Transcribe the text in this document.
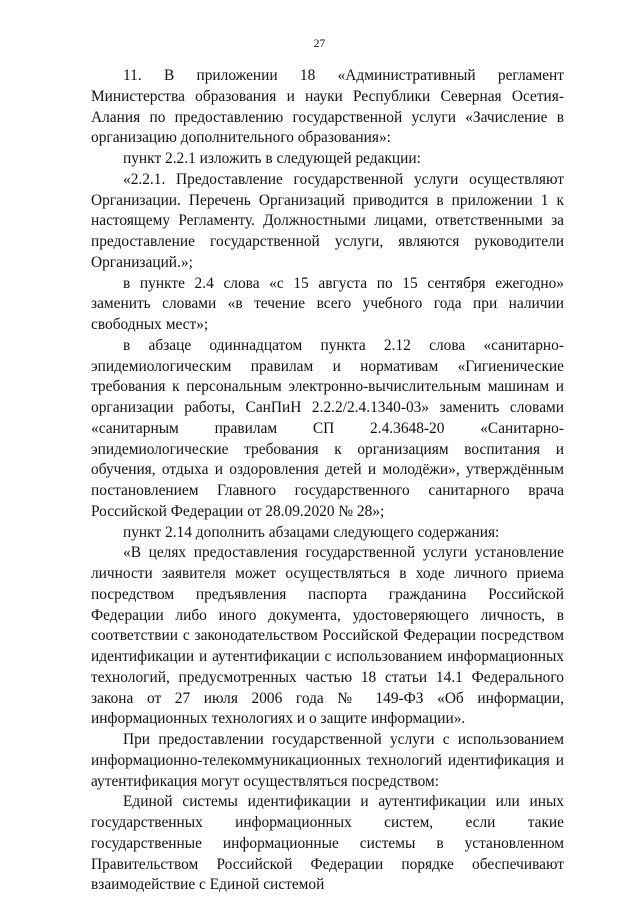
27

11. В приложении 18 «Административный регламент Министерства образования и науки Республики Северная Осетия-Алания по предоставлению государственной услуги «Зачисление в организацию дополнительного образования»:

пункт 2.2.1 изложить в следующей редакции:

«2.2.1. Предоставление государственной услуги осуществляют Организации. Перечень Организаций приводится в приложении 1 к настоящему Регламенту. Должностными лицами, ответственными за предоставление государственной услуги, являются руководители Организаций.»;

в пункте 2.4 слова «с 15 августа по 15 сентября ежегодно» заменить словами «в течение всего учебного года при наличии свободных мест»;

в абзаце одиннадцатом пункта 2.12 слова «санитарно-эпидемиологическим правилам и нормативам «Гигиенические требования к персональным электронно-вычислительным машинам и организации работы, СанПиН 2.2.2/2.4.1340-03» заменить словами «санитарным правилам СП 2.4.3648-20 «Санитарно-эпидемиологические требования к организациям воспитания и обучения, отдыха и оздоровления детей и молодёжи», утверждённым постановлением Главного государственного санитарного врача Российской Федерации от 28.09.2020 № 28»;

пункт 2.14 дополнить абзацами следующего содержания:

«В целях предоставления государственной услуги установление личности заявителя может осуществляться в ходе личного приема посредством предъявления паспорта гражданина Российской Федерации либо иного документа, удостоверяющего личность, в соответствии с законодательством Российской Федерации посредством идентификации и аутентификации с использованием информационных технологий, предусмотренных частью 18 статьи 14.1 Федерального закона от 27 июля 2006 года № 149-ФЗ «Об информации, информационных технологиях и о защите информации».

При предоставлении государственной услуги с использованием информационно-телекоммуникационных технологий идентификация и аутентификация могут осуществляться посредством:

Единой системы идентификации и аутентификации или иных государственных информационных систем, если такие государственные информационные системы в установленном Правительством Российской Федерации порядке обеспечивают взаимодействие с Единой системой
